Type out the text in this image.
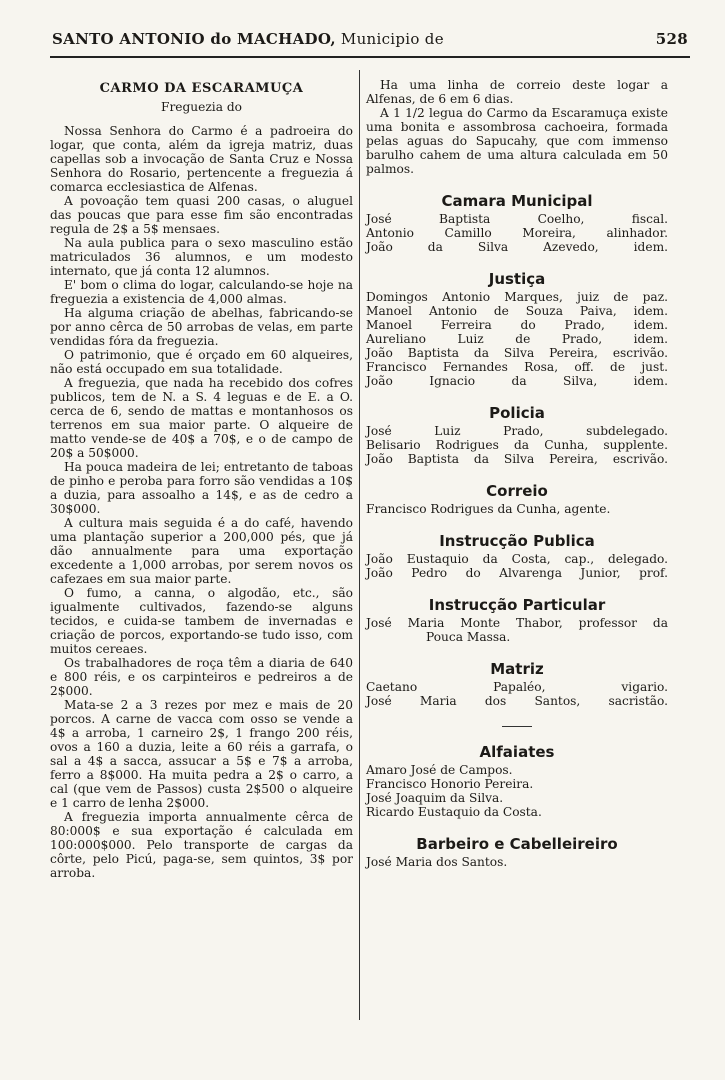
SANTO ANTONIO do MACHADO, Municipio de	528
CARMO DA ESCARAMUÇA
Freguezia do

Nossa Senhora do Carmo é a padroeira do logar, que conta, além da igreja matriz, duas capellas sob a invocação de Santa Cruz e Nossa Senhora do Rosario, pertencente a freguezia á comarca ecclesiastica de Alfenas.

A povoação tem quasi 200 casas, o aluguel das poucas que para esse fim são encontradas regula de 2$ a 5$ mensaes.

Na aula publica para o sexo masculino estão matriculados 36 alumnos, e um modesto internato, que já conta 12 alumnos.

E' bom o clima do logar, calculando-se hoje na freguezia a existencia de 4,000 almas.

Ha alguma criação de abelhas, fabricando-se por anno cêrca de 50 arrobas de velas, em parte vendidas fóra da freguezia.

O patrimonio, que é orçado em 60 alqueires, não está occupado em sua totalidade.

A freguezia, que nada ha recebido dos cofres publicos, tem de N. a S. 4 leguas e de E. a O. cerca de 6, sendo de mattas e montanhosos os terrenos em sua maior parte. O alqueire de matto vende-se de 40$ a 70$, e o de campo de 20$ a 50$000.

Ha pouca madeira de lei; entretanto de taboas de pinho e peroba para forro são vendidas a 10$ a duzia, para assoalho a 14$, e as de cedro a 30$000.

A cultura mais seguida é a do café, havendo uma plantação superior a 200,000 pés, que já dão annualmente para uma exportação excedente a 1,000 arrobas, por serem novos os cafezaes em sua maior parte.

O fumo, a canna, o algodão, etc., são igualmente cultivados, fazendo-se alguns tecidos, e cuida-se tambem de invernadas e criação de porcos, exportando-se tudo isso, com muitos cereaes.

Os trabalhadores de roça têm a diaria de 640 e 800 réis, e os carpinteiros e pedreiros a de 2$000.

Mata-se 2 a 3 rezes por mez e mais de 20 porcos. A carne de vacca com osso se vende a 4$ a arroba, 1 carneiro 2$, 1 frango 200 réis, ovos a 160 a duzia, leite a 60 réis a garrafa, o sal a 4$ a sacca, assucar a 5$ e 7$ a arroba, ferro a 8$000. Ha muita pedra a 2$ o carro, a cal (que vem de Passos) custa 2$500 o alqueire e 1 carro de lenha 2$000.

A freguezia importa annualmente cêrca de 80:000$ e sua exportação é calculada em 100:000$000. Pelo transporte de cargas da côrte, pelo Picú, paga-se, sem quintos, 3$ por arroba.

Ha uma linha de correio deste logar a Alfenas, de 6 em 6 dias.

A 1 1/2 legua do Carmo da Escaramuça existe uma bonita e assombrosa cachoeira, formada pelas aguas do Sapucahy, que com immenso barulho cahem de uma altura calculada em 50 palmos.

Camara Municipal
José Baptista Coelho, fiscal.
Antonio Camillo Moreira, alinhador.
João da Silva Azevedo, idem.
Justiça
Domingos Antonio Marques, juiz de paz.
Manoel Antonio de Souza Paiva, idem.
Manoel Ferreira do Prado, idem.
Aureliano Luiz de Prado, idem.
João Baptista da Silva Pereira, escrivão.
Francisco Fernandes Rosa, off. de just.
João Ignacio da Silva, idem.
Policia
José Luiz Prado, subdelegado.
Belisario Rodrigues da Cunha, supplente.
João Baptista da Silva Pereira, escrivão.
Correio
Francisco Rodrigues da Cunha, agente.
Instrucção Publica
João Eustaquio da Costa, cap., delegado.
João Pedro do Alvarenga Junior, prof.
Instrucção Particular
José Maria Monte Thabor, professor da
Pouca Massa.
Matriz
Caetano Papaléo, vigario.
José Maria dos Santos, sacristão.
Alfaiates
Amaro José de Campos.
Francisco Honorio Pereira.
José Joaquim da Silva.
Ricardo Eustaquio da Costa.
Barbeiro e Cabelleireiro
José Maria dos Santos.
